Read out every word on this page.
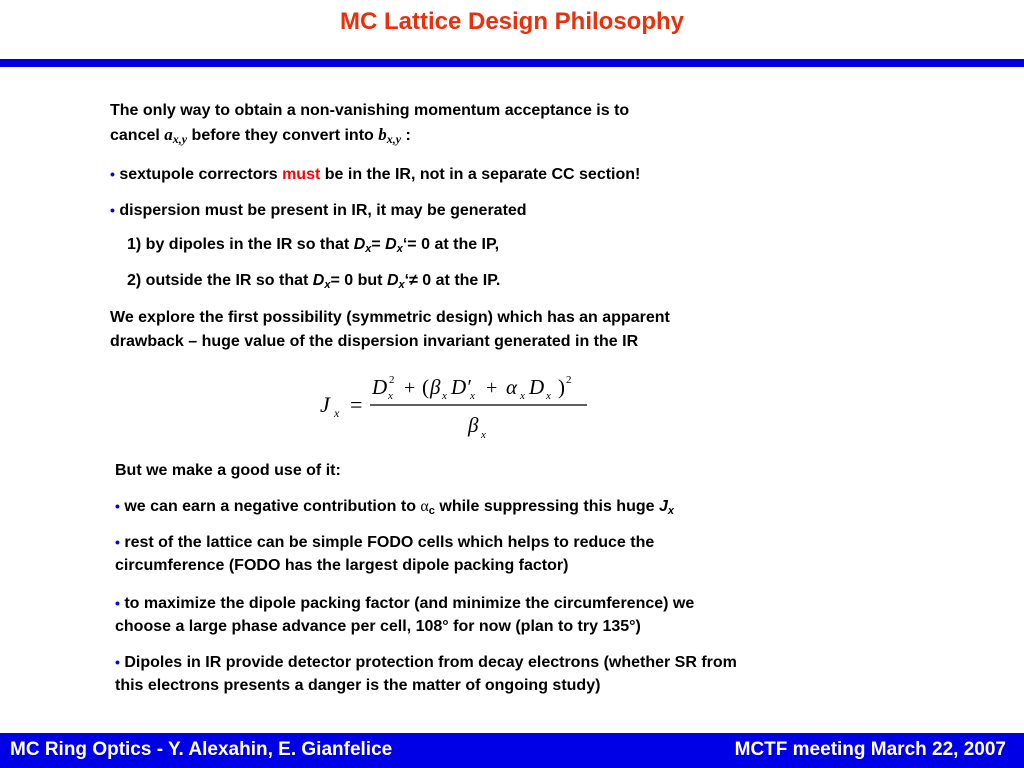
MC Lattice Design Philosophy
The only way to obtain a non-vanishing momentum acceptance is to
cancel $a_{x,y}$ before they convert into $b_{x,y}$ :
• sextupole correctors must be in the IR, not in a separate CC section!
• dispersion must be present in IR, it may be generated
1) by dipoles in the IR so that $D_x=$ $D_x‘= 0$ at the IP,
2) outside the IR so that $D_x= 0$ but $D_x‘\ne 0$ at the IP.
We explore the first possibility (symmetric design) which has an apparent
drawback – huge value of the dispersion invariant generated in the IR
J x =
D 2
x + ( β x D′ x + α x D x ) 2
β x
But we make a good use of it:
• we can earn a negative contribution to $\alpha_c$ while suppressing this huge $J_x$
• rest of the lattice can be simple FODO cells which helps to reduce the
circumference (FODO has the largest dipole packing factor)
• to maximize the dipole packing factor (and minimize the circumference) we
choose a large phase advance per cell, 108° for now (plan to try 135°)
• Dipoles in IR provide detector protection from decay electrons (whether SR from
this electrons presents a danger is the matter of ongoing study)
MC Ring Optics - Y. Alexahin, E. Gianfelice	MCTF meeting March 22, 2007
